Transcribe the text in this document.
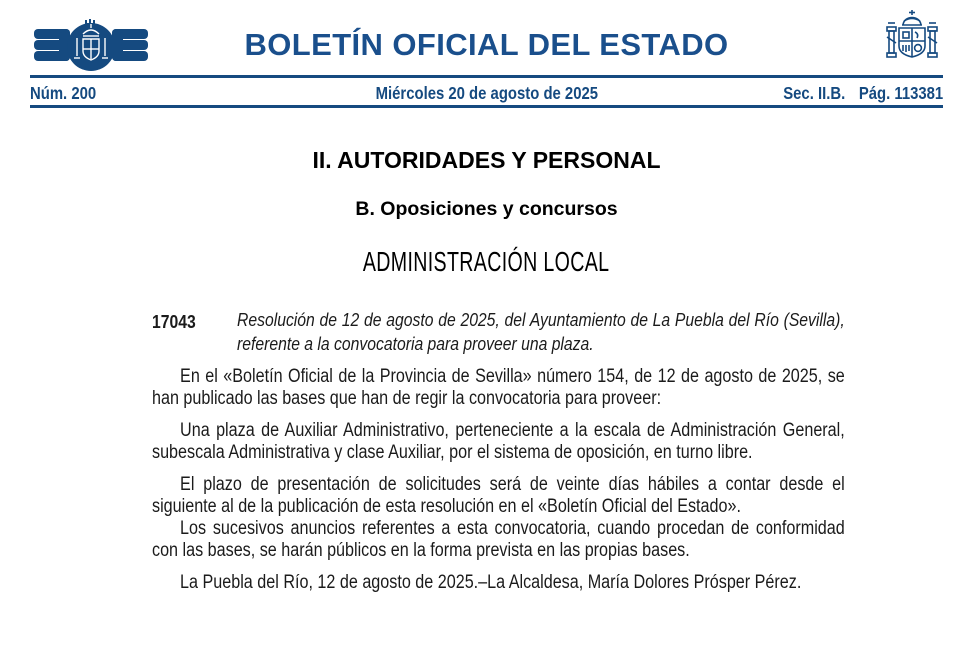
BOLETÍN OFICIAL DEL ESTADO
Núm. 200	Miércoles 20 de agosto de 2025	Sec. II.B. Pág. 113381
II. AUTORIDADES Y PERSONAL
B. Oposiciones y concursos
ADMINISTRACIÓN LOCAL
17043	Resolución de 12 de agosto de 2025, del Ayuntamiento de La Puebla del Río (Sevilla), referente a la convocatoria para proveer una plaza.

En el «Boletín Oficial de la Provincia de Sevilla» número 154, de 12 de agosto de 2025, se han publicado las bases que han de regir la convocatoria para proveer:

Una plaza de Auxiliar Administrativo, perteneciente a la escala de Administración General, subescala Administrativa y clase Auxiliar, por el sistema de oposición, en turno libre.

El plazo de presentación de solicitudes será de veinte días hábiles a contar desde el siguiente al de la publicación de esta resolución en el «Boletín Oficial del Estado».

Los sucesivos anuncios referentes a esta convocatoria, cuando procedan de conformidad con las bases, se harán públicos en la forma prevista en las propias bases.

La Puebla del Río, 12 de agosto de 2025.–La Alcaldesa, María Dolores Prósper Pérez.
